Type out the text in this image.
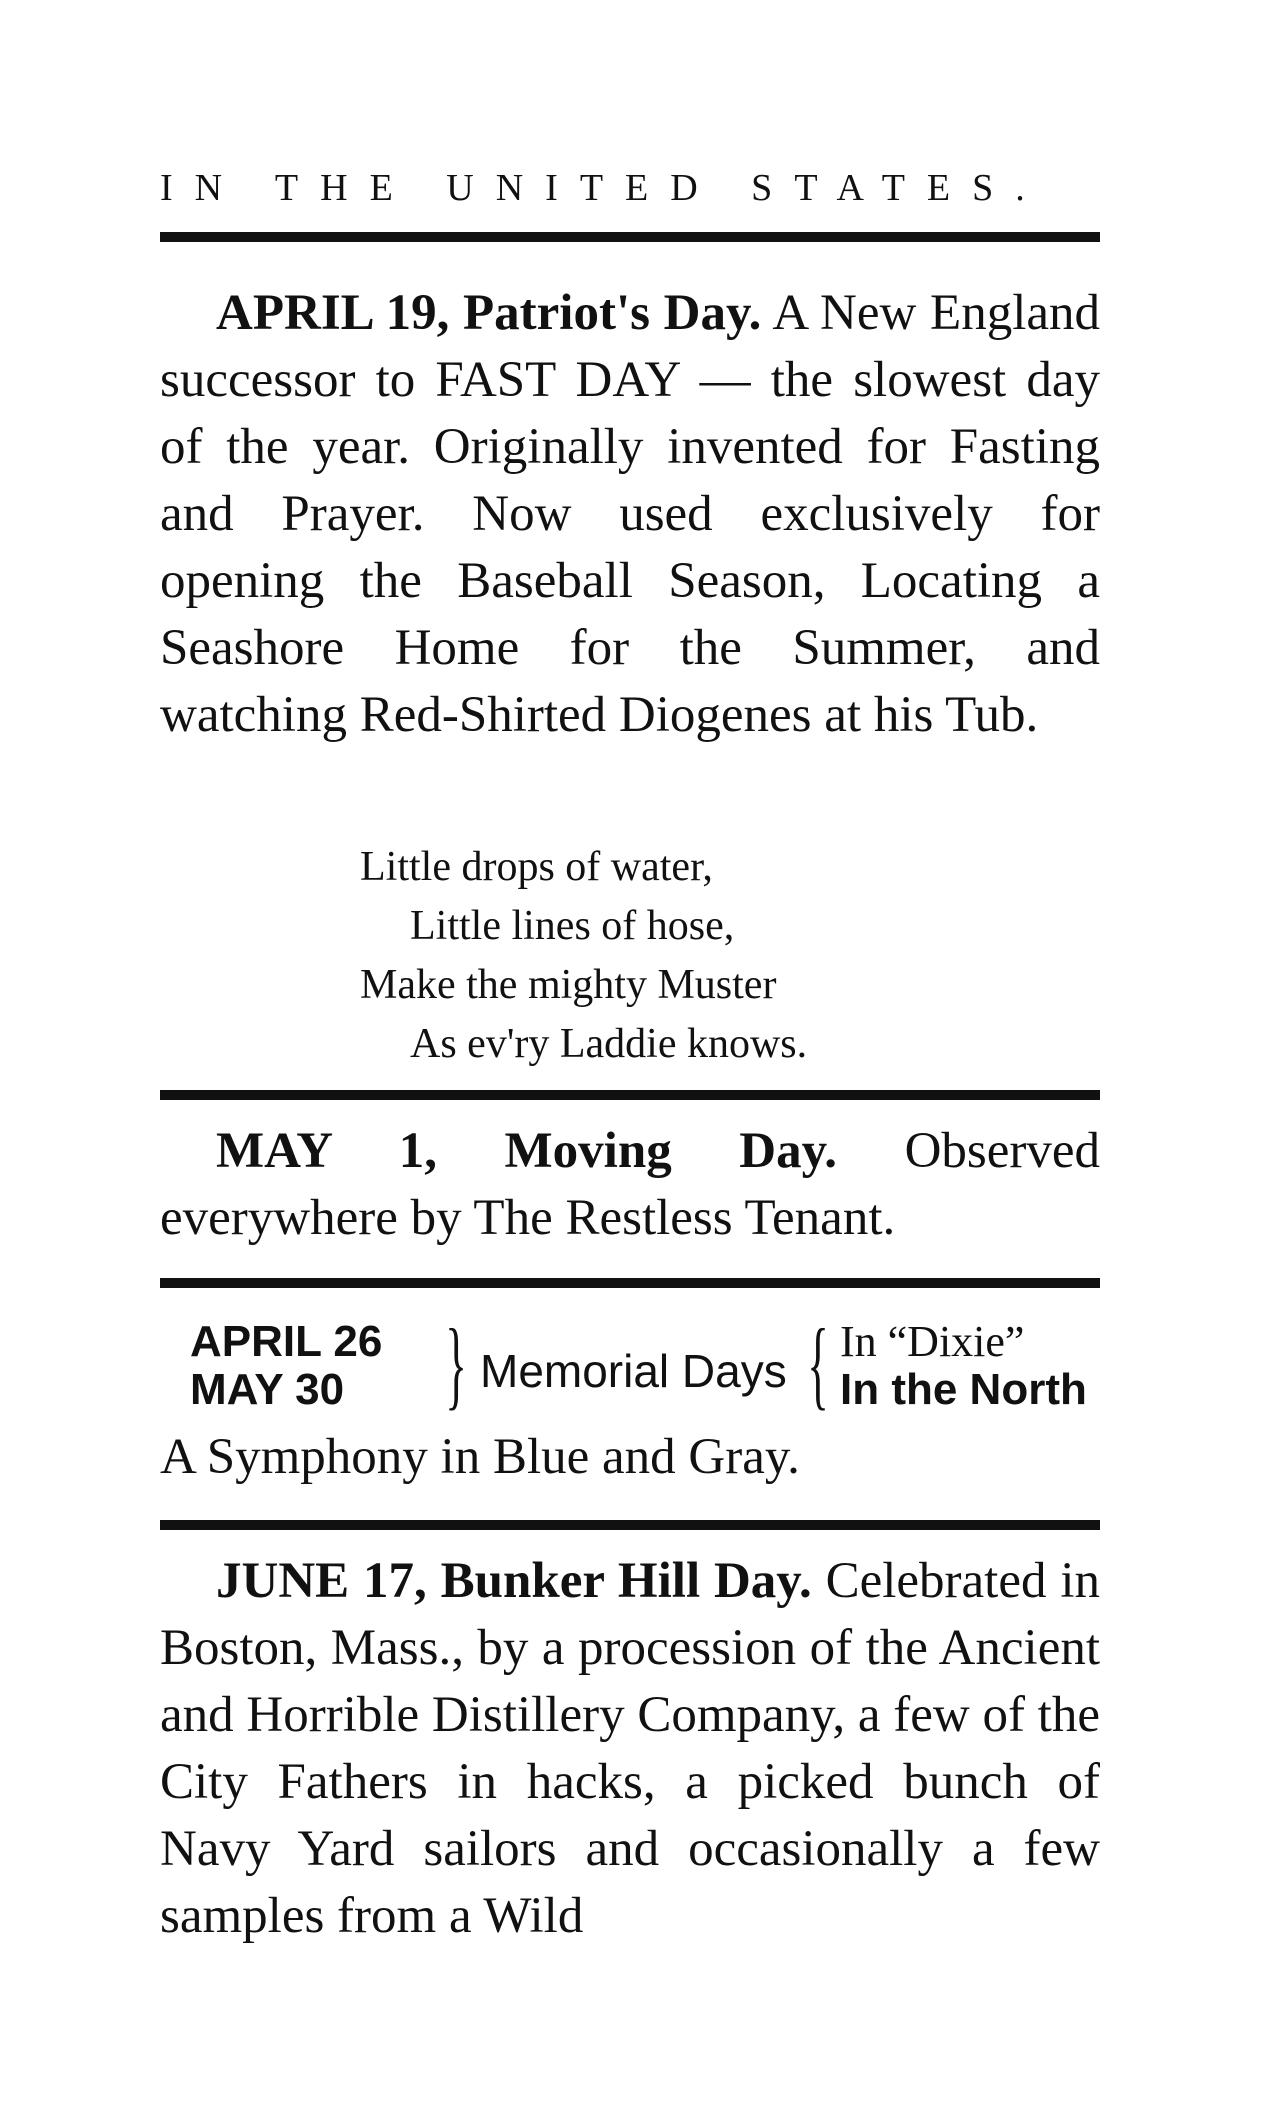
IN THE UNITED STATES.

APRIL 19, Patriot's Day. A New England successor to FAST DAY — the slowest day of the year. Originally invented for Fasting and Prayer. Now used exclusively for opening the Baseball Season, Locating a Seashore Home for the Summer, and watching Red-Shirted Diogenes at his Tub.

Little drops of water,
Little lines of hose,
Make the mighty Muster
As ev'ry Laddie knows.

MAY 1, Moving Day. Observed everywhere by The Restless Tenant.

APRIL 26
MAY 30	} Memorial Days { In “Dixie”
In the North
A Symphony in Blue and Gray.

JUNE 17, Bunker Hill Day. Celebrated in Boston, Mass., by a procession of the Ancient and Horrible Distillery Company, a few of the City Fathers in hacks, a picked bunch of Navy Yard sailors and occasionally a few samples from a Wild
